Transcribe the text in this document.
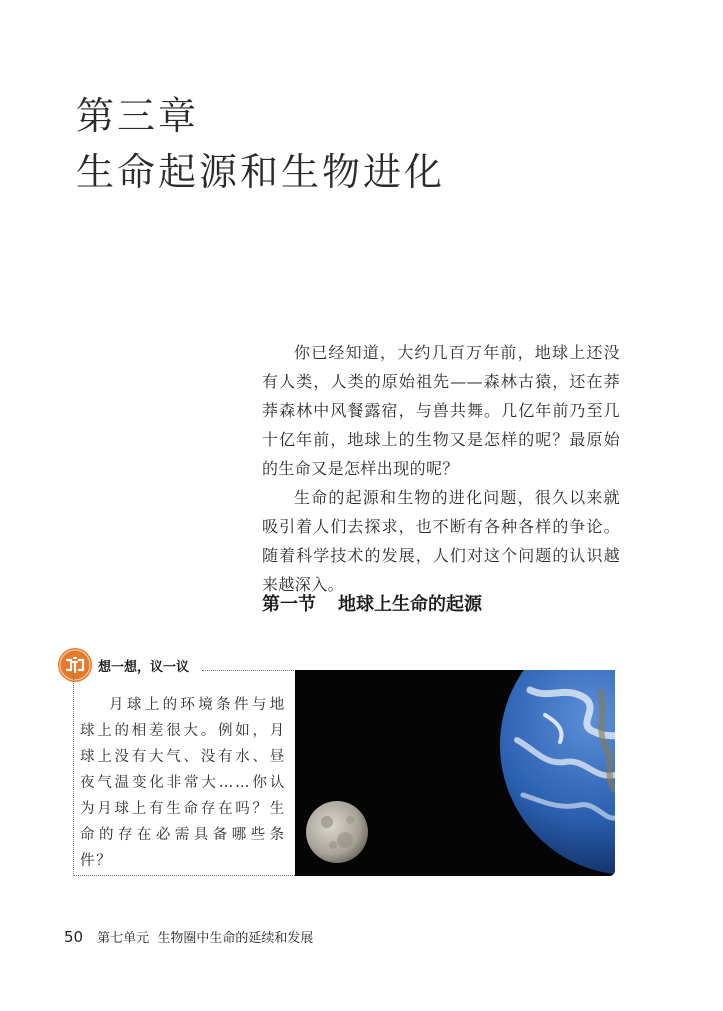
第三章
生命起源和生物进化

你已经知道，大约几百万年前，地球上还没有人类，人类的原始祖先——森林古猿，还在莽莽森林中风餐露宿，与兽共舞。几亿年前乃至几十亿年前，地球上的生物又是怎样的呢？最原始的生命又是怎样出现的呢？

生命的起源和生物的进化问题，很久以来就吸引着人们去探求，也不断有各种各样的争论。随着科学技术的发展，人们对这个问题的认识越来越深入。

第一节 地球上生命的起源
想一想，议一议

月球上的环境条件与地球上的相差很大。例如，月球上没有大气、没有水、昼夜气温变化非常大……你认为月球上有生命存在吗？生命的存在必需具备哪些条件？

50 第七单元 生物圈中生命的延续和发展
